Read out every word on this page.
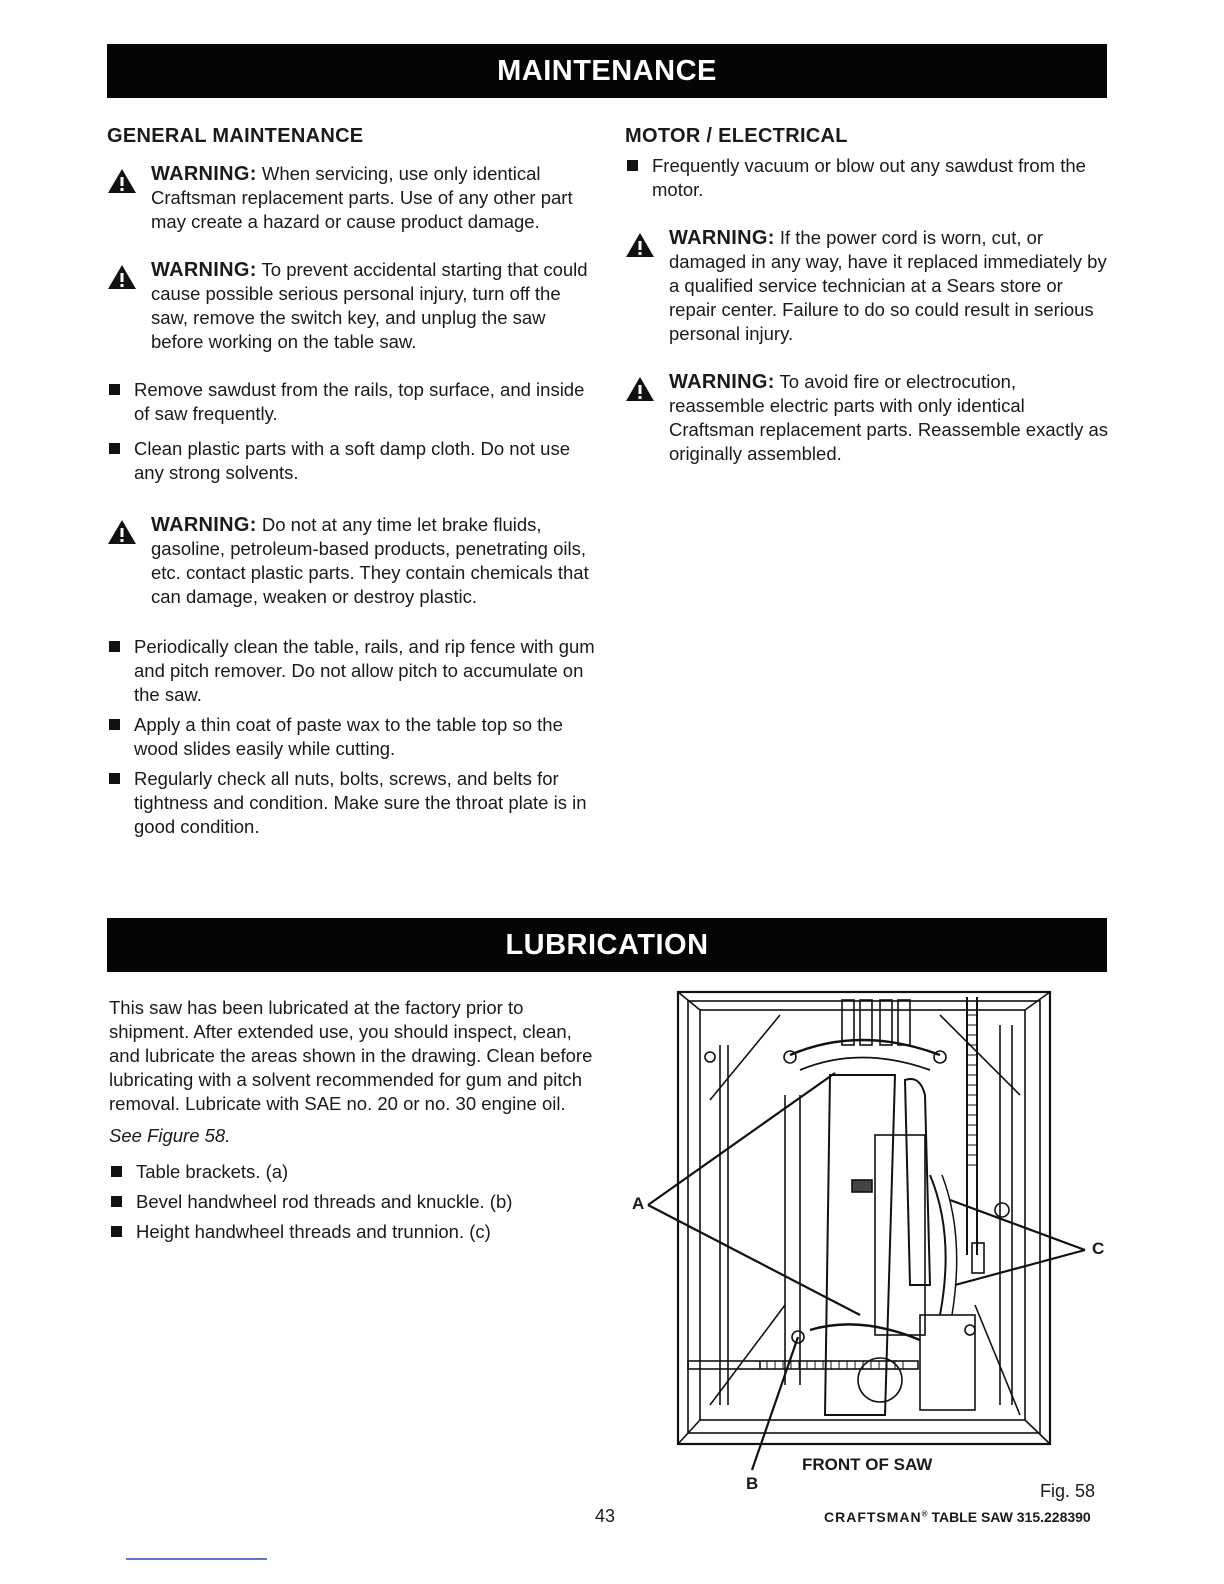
MAINTENANCE
GENERAL MAINTENANCE
WARNING: When servicing, use only identical Craftsman replacement parts. Use of any other part may create a hazard or cause product damage.
WARNING: To prevent accidental starting that could cause possible serious personal injury, turn off the saw, remove the switch key, and unplug the saw before working on the table saw.
Remove sawdust from the rails, top surface, and inside of saw frequently.
Clean plastic parts with a soft damp cloth. Do not use any strong solvents.
WARNING: Do not at any time let brake fluids, gasoline, petroleum-based products, penetrating oils, etc. contact plastic parts. They contain chemicals that can damage, weaken or destroy plastic.
Periodically clean the table, rails, and rip fence with gum and pitch remover. Do not allow pitch to accumulate on the saw.
Apply a thin coat of paste wax to the table top so the wood slides easily while cutting.
Regularly check all nuts, bolts, screws, and belts for tightness and condition. Make sure the throat plate is in good condition.
MOTOR / ELECTRICAL
Frequently vacuum or blow out any sawdust from the motor.
WARNING: If the power cord is worn, cut, or damaged in any way, have it replaced immediately by a qualified service technician at a Sears store or repair center. Failure to do so could result in serious personal injury.
WARNING: To avoid fire or electrocution, reassemble electric parts with only identical Craftsman replacement parts. Reassemble exactly as originally assembled.
LUBRICATION

This saw has been lubricated at the factory prior to shipment. After extended use, you should inspect, clean, and lubricate the areas shown in the drawing. Clean before lubricating with a solvent recommended for gum and pitch removal. Lubricate with SAE no. 20 or no. 30 engine oil.

See Figure 58.

Table brackets. (a)
Bevel handwheel rod threads and knuckle. (b)
Height handwheel threads and trunnion. (c)
A
B
C
FRONT OF SAW
Fig. 58
43	CRAFTSMAN® TABLE SAW 315.228390
